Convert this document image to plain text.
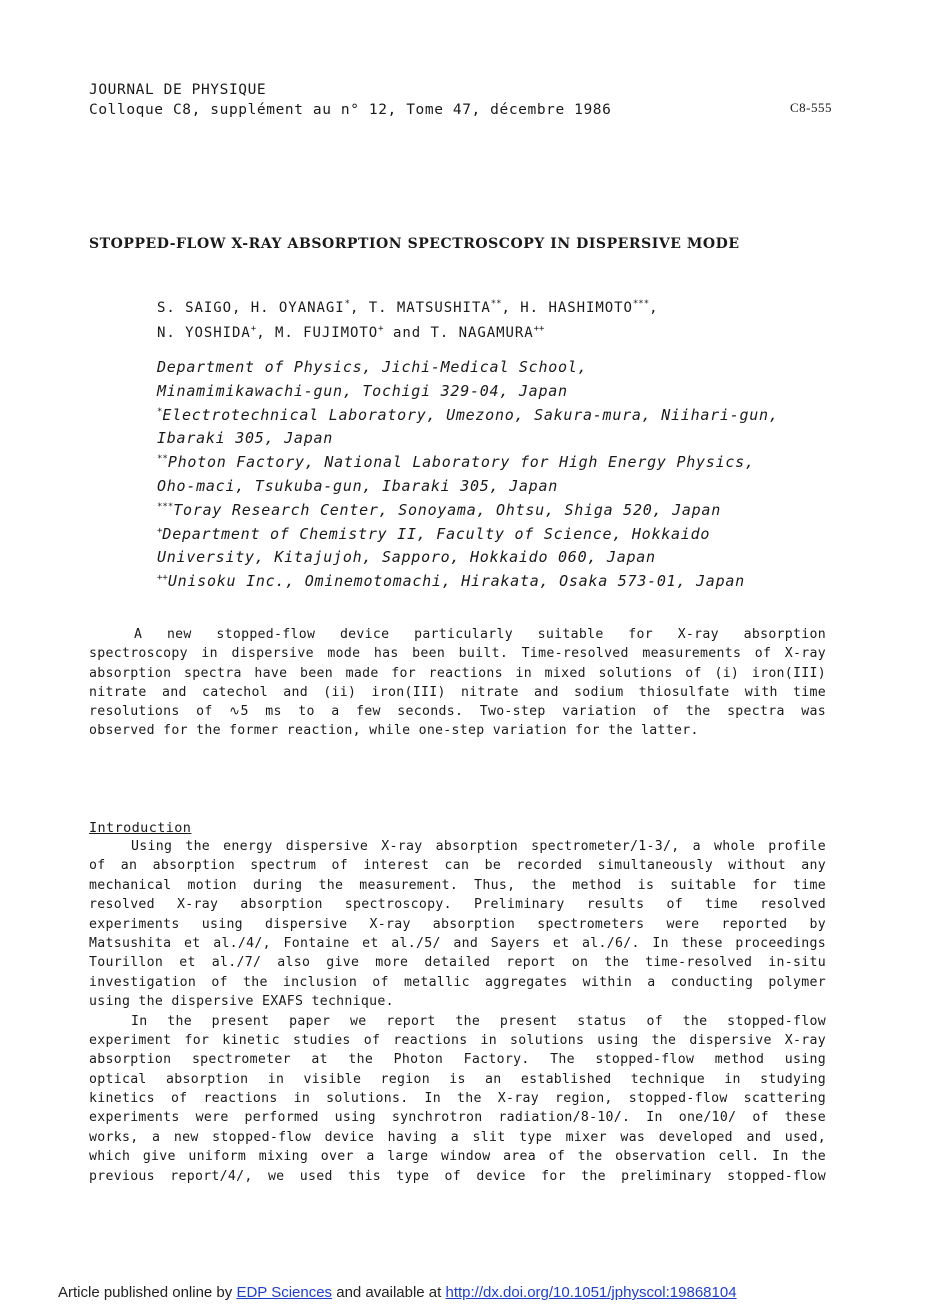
JOURNAL DE PHYSIQUE
Colloque C8, supplément au n° 12, Tome 47, décembre 1986	C8-555
STOPPED-FLOW X-RAY ABSORPTION SPECTROSCOPY IN DISPERSIVE MODE
S. SAIGO, H. OYANAGI*, T. MATSUSHITA**, H. HASHIMOTO***,
N. YOSHIDA+, M. FUJIMOTO+ and T. NAGAMURA++
Department of Physics, Jichi-Medical School,
Minamimikawachi-gun, Tochigi 329-04, Japan
*Electrotechnical Laboratory, Umezono, Sakura-mura, Niihari-gun,
Ibaraki 305, Japan
**Photon Factory, National Laboratory for High Energy Physics,
Oho-maci, Tsukuba-gun, Ibaraki 305, Japan
***Toray Research Center, Sonoyama, Ohtsu, Shiga 520, Japan
+Department of Chemistry II, Faculty of Science, Hokkaido
University, Kitajujoh, Sapporo, Hokkaido 060, Japan
++Unisoku Inc., Ominemotomachi, Hirakata, Osaka 573-01, Japan
A new stopped-flow device particularly suitable for X-ray absorption
spectroscopy in dispersive mode has been built. Time-resolved measurements of X-ray
absorption spectra have been made for reactions in mixed solutions of (i) iron(III)
nitrate and catechol and (ii) iron(III) nitrate and sodium thiosulfate with time
resolutions of ∿5 ms to a few seconds. Two-step variation of the spectra was
observed for the former reaction, while one-step variation for the latter.
Introduction
Using the energy dispersive X-ray absorption spectrometer/1-3/, a whole profile
of an absorption spectrum of interest can be recorded simultaneously without any
mechanical motion during the measurement. Thus, the method is suitable for time
resolved X-ray absorption spectroscopy. Preliminary results of time resolved
experiments using dispersive X-ray absorption spectrometers were reported by
Matsushita et al./4/, Fontaine et al./5/ and Sayers et al./6/. In these proceedings
Tourillon et al./7/ also give more detailed report on the time-resolved in-situ
investigation of the inclusion of metallic aggregates within a conducting polymer
using the dispersive EXAFS technique.
In the present paper we report the present status of the stopped-flow
experiment for kinetic studies of reactions in solutions using the dispersive X-ray
absorption spectrometer at the Photon Factory. The stopped-flow method using
optical absorption in visible region is an established technique in studying
kinetics of reactions in solutions. In the X-ray region, stopped-flow scattering
experiments were performed using synchrotron radiation/8-10/. In one/10/ of these
works, a new stopped-flow device having a slit type mixer was developed and used,
which give uniform mixing over a large window area of the observation cell. In the
previous report/4/, we used this type of device for the preliminary stopped-flow
Article published online by EDP Sciences and available at http://dx.doi.org/10.1051/jphyscol:19868104
